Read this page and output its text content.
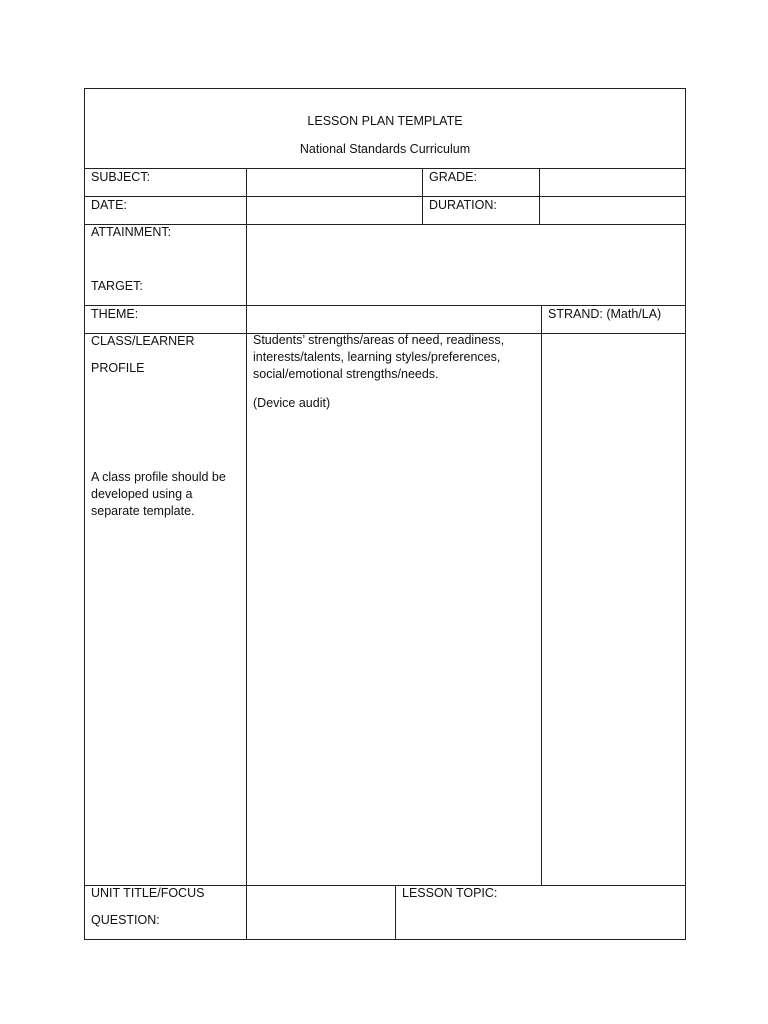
LESSON PLAN TEMPLATE
National Standards Curriculum
SUBJECT:	GRADE:
DATE:	DURATION:
ATTAINMENT:
TARGET:
THEME:	STRAND: (Math/LA)
CLASS/LEARNER
PROFILE
A class profile should be developed using a separate template.
Students’ strengths/areas of need, readiness, interests/talents, learning styles/preferences, social/emotional strengths/needs.
(Device audit)
UNIT TITLE/FOCUS
QUESTION:
LESSON TOPIC:
